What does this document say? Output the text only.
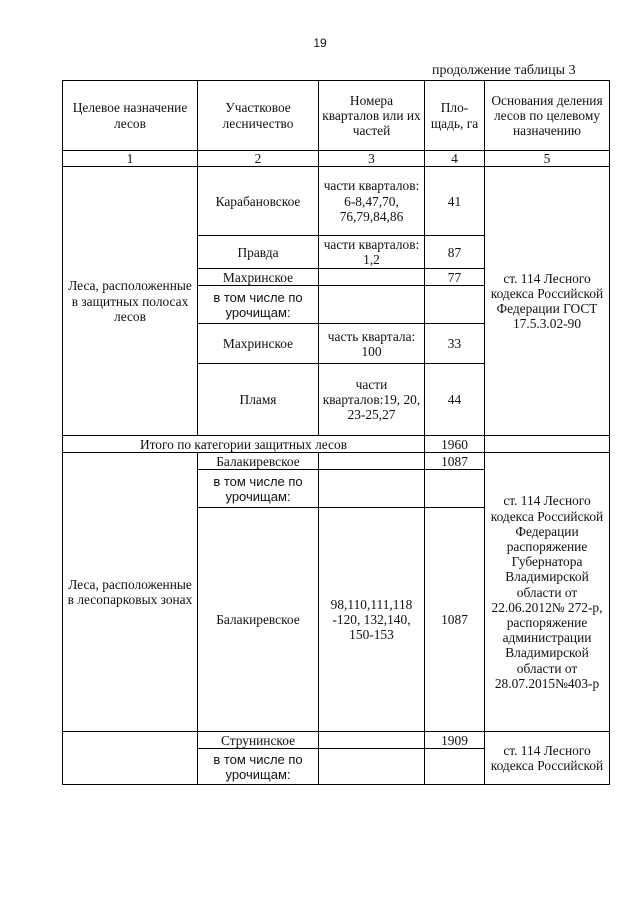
19
продолжение таблицы 3
Целевое назначение лесов	Участковое лесничество	Номера кварталов или их частей	Пло-щадь, га	Основания деления лесов по целевому назначению
1	2	3	4	5
Леса, расположенные в защитных полосах лесов	Карабановское	части кварталов: 6-8,47,70, 76,79,84,86	41	ст. 114 Лесного кодекса Российской Федерации ГОСТ 17.5.3.02-90
	Правда	части кварталов: 1,2	87	
	Махринское		77	
	в том числе по урочищам:			
	Махринское	часть квартала: 100	33	
	Пламя	части кварталов:19, 20, 23-25,27	44	
Итого по категории защитных лесов			1960	
Леса, расположенные в лесопарковых зонах	Балакиревское		1087	ст. 114 Лесного кодекса Российской Федерации распоряжение Губернатора Владимирской области от 22.06.2012№ 272-р, распоряжение администрации Владимирской области от 28.07.2015№403-р
	в том числе по урочищам:			
	Балакиревское	98,110,111,118 -120, 132,140, 150-153	1087	
	Струнинское		1909	ст. 114 Лесного кодекса Российской
	в том числе по урочищам:			
